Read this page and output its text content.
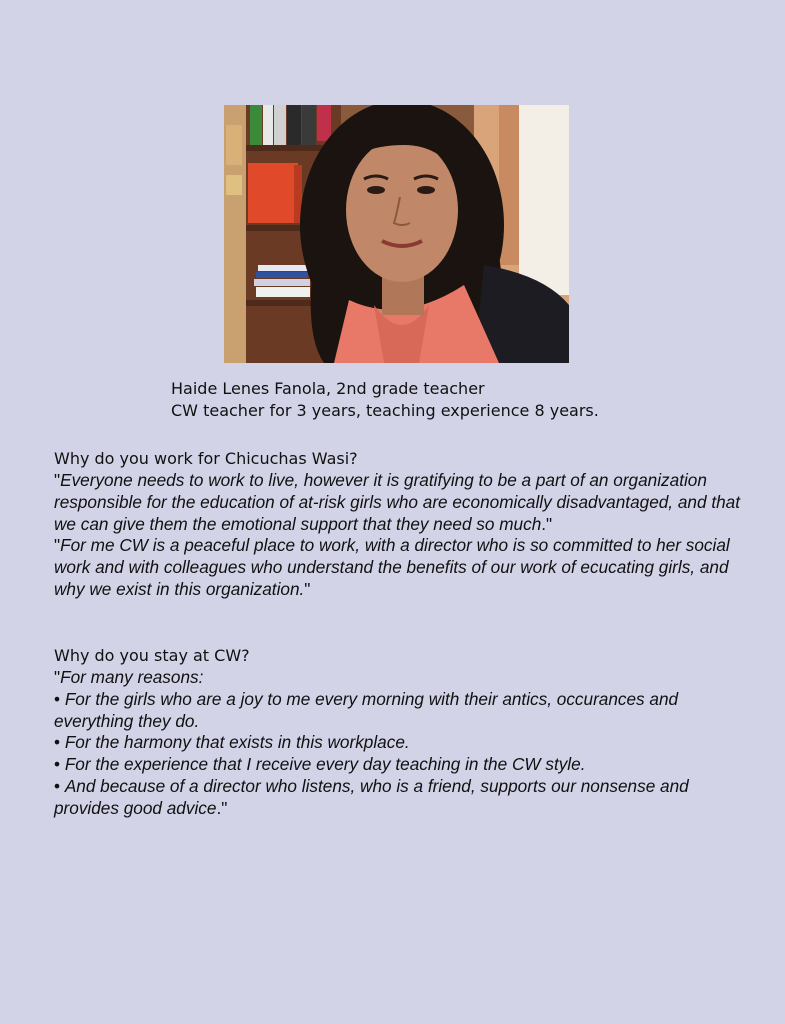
Haide Lenes Fanola, 2nd grade teacher
CW teacher for 3 years, teaching experience 8 years.
Why do you work for Chicuchas Wasi?

"Everyone needs to work to live, however it is gratifying to be a part of an organization responsible for the education of at-risk girls who are economically disadvantaged, and that we can give them the emotional support that they need so much."

"For me CW is a peaceful place to work, with a director who is so committed to her social work and with colleagues who understand the benefits of our work of ecucating girls, and why we exist in this organization."

Why do you stay at CW?

"For many reasons:

• For the girls who are a joy to me every morning with their antics, occurances and everything they do.

• For the harmony that exists in this workplace.

• For the experience that I receive every day teaching in the CW style.

• And because of a director who listens, who is a friend, supports our nonsense and provides good advice."
